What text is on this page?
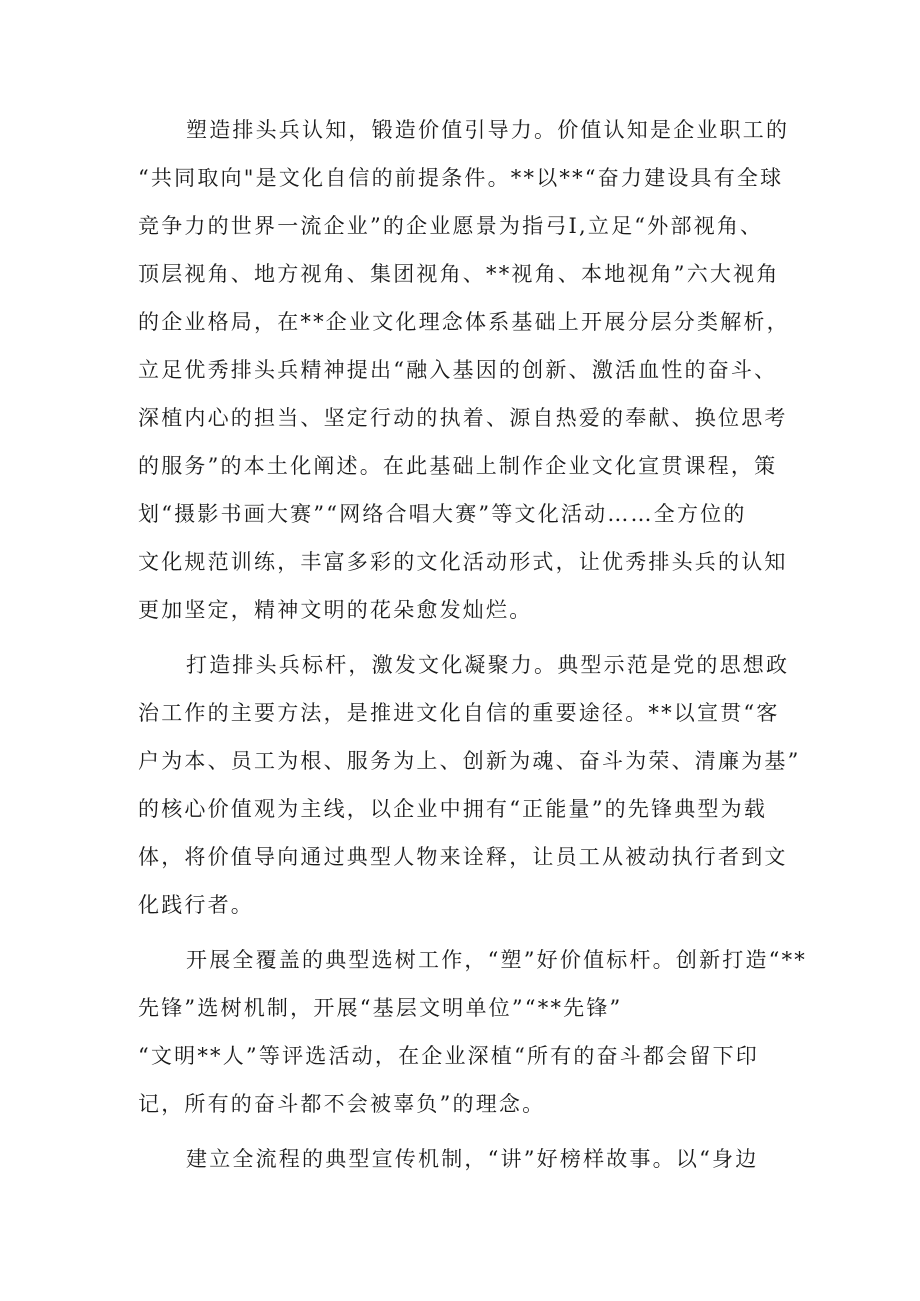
塑造排头兵认知，锻造价值引导力。价值认知是企业职工的

“共同取向"是文化自信的前提条件。**以**“奋力建设具有全球

竞争力的世界一流企业”的企业愿景为指弓I,立足“外部视角、

顶层视角、地方视角、集团视角、**视角、本地视角”六大视角

的企业格局，在**企业文化理念体系基础上开展分层分类解析，

立足优秀排头兵精神提出“融入基因的创新、激活血性的奋斗、

深植内心的担当、坚定行动的执着、源自热爱的奉献、换位思考

的服务”的本土化阐述。在此基础上制作企业文化宣贯课程，策

划“摄影书画大赛”“网络合唱大赛”等文化活动……全方位的

文化规范训练，丰富多彩的文化活动形式，让优秀排头兵的认知

更加坚定，精神文明的花朵愈发灿烂。

打造排头兵标杆，激发文化凝聚力。典型示范是党的思想政

治工作的主要方法，是推进文化自信的重要途径。**以宣贯“客

户为本、员工为根、服务为上、创新为魂、奋斗为荣、清廉为基”

的核心价值观为主线，以企业中拥有“正能量”的先锋典型为载

体，将价值导向通过典型人物来诠释，让员工从被动执行者到文

化践行者。

开展全覆盖的典型选树工作，“塑”好价值标杆。创新打造“**

先锋”选树机制，开展“基层文明单位”“**先锋”

“文明**人”等评选活动，在企业深植“所有的奋斗都会留下印

记，所有的奋斗都不会被辜负”的理念。

建立全流程的典型宣传机制，“讲”好榜样故事。以“身边
